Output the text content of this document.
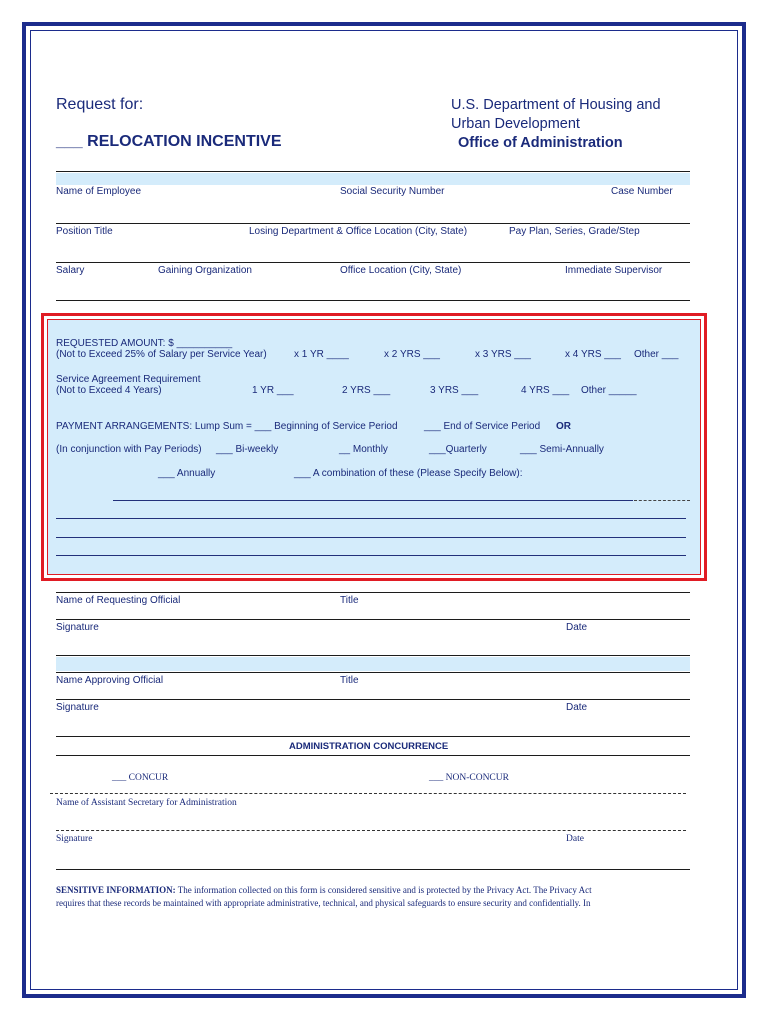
Request for:
___ RELOCATION INCENTIVE
U.S. Department of Housing and
Urban Development
Office of Administration
Name of Employee	Social Security Number	Case Number
Position Title	Losing Department & Office Location (City, State)	Pay Plan, Series, Grade/Step
Salary	Gaining Organization	Office Location (City, State)	Immediate Supervisor
REQUESTED AMOUNT: $ __________
(Not to Exceed 25% of Salary per Service Year)	x 1 YR ____	x 2 YRS ___	x 3 YRS ___	x 4 YRS ___ Other ___
Service Agreement Requirement
(Not to Exceed 4 Years)	1 YR ___	2 YRS ___	3 YRS ___	4 YRS ___ Other _____
PAYMENT ARRANGEMENTS: Lump Sum = ___ Beginning of Service Period	___ End of Service Period OR
(In conjunction with Pay Periods) ___ Bi-weekly	__ Monthly	___Quarterly	___ Semi-Annually
___ Annually	___ A combination of these (Please Specify Below):
Name of Requesting Official	Title
Signature	Date
Name Approving Official	Title
Signature	Date
ADMINISTRATION CONCURRENCE
___ CONCUR	___ NON-CONCUR
Name of Assistant Secretary for Administration
Signature	Date
SENSITIVE INFORMATION: The information collected on this form is considered sensitive and is protected by the Privacy Act. The Privacy Act
requires that these records be maintained with appropriate administrative, technical, and physical safeguards to ensure security and confidentially. In
